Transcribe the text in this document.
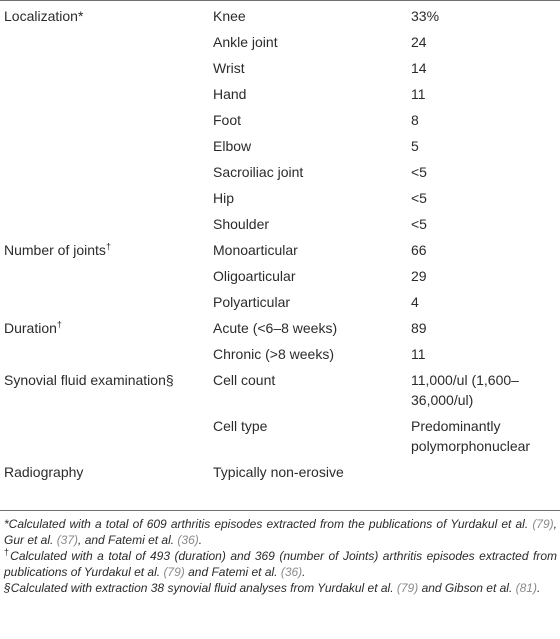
Localization*	Knee	33%
	Ankle joint	24
	Wrist	14
	Hand	11
	Foot	8
	Elbow	5
	Sacroiliac joint	<5
	Hip	<5
	Shoulder	<5
Number of joints†	Monoarticular	66
	Oligoarticular	29
	Polyarticular	4
Duration†	Acute (<6–8 weeks)	89
	Chronic (>8 weeks)	11
Synovial fluid examination§	Cell count	11,000/ul (1,600–36,000/ul)
	Cell type	Predominantly polymorphonuclear
Radiography	Typically non-erosive	

*Calculated with a total of 609 arthritis episodes extracted from the publications of Yurdakul et al. (79), Gur et al. (37), and Fatemi et al. (36).

†Calculated with a total of 493 (duration) and 369 (number of Joints) arthritis episodes extracted from publications of Yurdakul et al. (79) and Fatemi et al. (36).

§Calculated with extraction 38 synovial fluid analyses from Yurdakul et al. (79) and Gibson et al. (81).
